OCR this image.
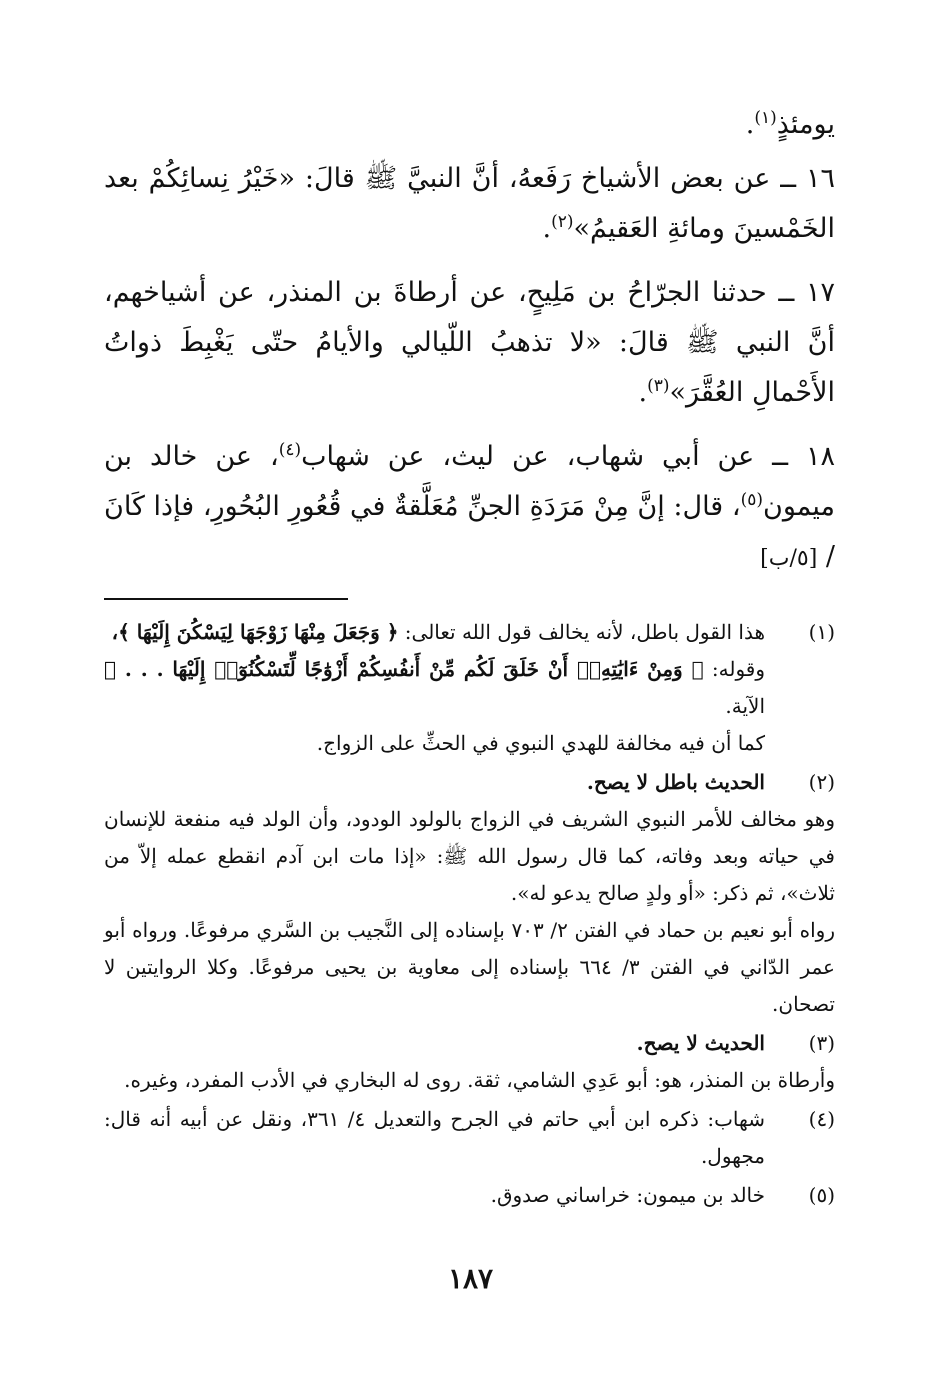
يومئذٍ$^{(١)}$.

١٦ ــ عن بعض الأشياخ رَفَعهُ، أنَّ النبيَّ ﷺ قالَ: «خَيْرُ نِسائِكُمْ بعد الخَمْسينَ ومائةِ العَقيمُ»$^{(٢)}$.

١٧ ــ حدثنا الجرّاحُ بن مَلِيحٍ، عن أرطاةَ بن المنذر، عن أشياخهم، أنَّ النبي ﷺ قالَ: «لا تذهبُ اللّيالي والأيامُ حتّى يَغْبِطَ ذواتُ الأَحْمالِ العُقَّرَ»$^{(٣)}$.

١٨ ــ عن أبي شهاب، عن ليث، عن شهاب$^{(٤)}$، عن خالد بن ميمون$^{(٥)}$، قال: إنَّ مِنْ مَرَدَةِ الجنِّ مُعَلَّقةٌ في قُعُورِ البُحُورِ، فإذا كَانَ / [٥/ب]

(١)

هذا القول باطل، لأنه يخالف قول الله تعالى: ﴿ وَجَعَلَ مِنْهَا زَوْجَهَا لِيَسْكُنَ إِلَيْهَا ﴾،

وقوله: ﴿ وَمِنْ ءَايَٰتِهِۦٓ أَنْ خَلَقَ لَكُم مِّنْ أَنفُسِكُمْ أَزْوَٰجًا لِّتَسْكُنُوٓا۟ إِلَيْهَا . . . ﴾ الآية.

كما أن فيه مخالفة للهدي النبوي في الحثِّ على الزواج.

(٢)

الحديث باطل لا يصح.

وهو مخالف للأمر النبوي الشريف في الزواج بالولود الودود، وأن الولد فيه منفعة للإنسان في حياته وبعد وفاته، كما قال رسول الله ﷺ: «إذا مات ابن آدم انقطع عمله إلاّ من ثلاث»، ثم ذكر: «أو ولدٍ صالح يدعو له».

رواه أبو نعيم بن حماد في الفتن ٢/ ٧٠٣ بإسناده إلى النَّجيب بن السَّري مرفوعًا. ورواه أبو عمر الدّاني في الفتن ٣/ ٦٦٤ بإسناده إلى معاوية بن يحيى مرفوعًا. وكلا الروايتين لا تصحان.

(٣)

الحديث لا يصح.

وأرطاة بن المنذر، هو: أبو عَدِي الشامي، ثقة. روى له البخاري في الأدب المفرد، وغيره.

(٤)

شهاب: ذكره ابن أبي حاتم في الجرح والتعديل ٤/ ٣٦١، ونقل عن أبيه أنه قال: مجهول.

(٥)

خالد بن ميمون: خراساني صدوق.

١٨٧
